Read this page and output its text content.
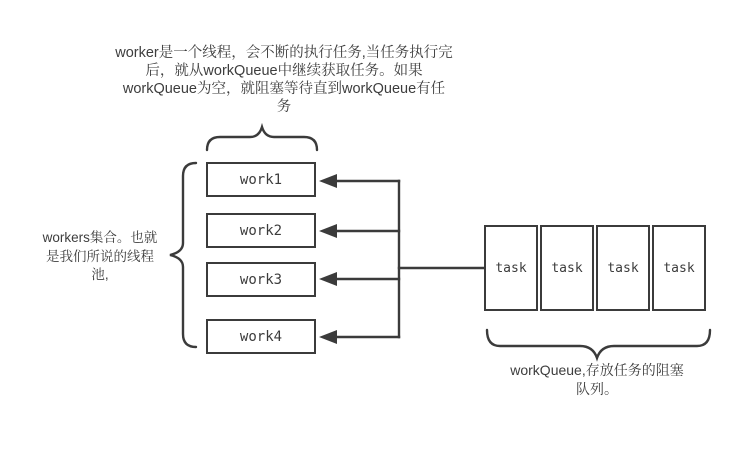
worker是一个线程，会不断的执行任务,当任务执行完
后，就从workQueue中继续获取任务。如果
workQueue为空，就阻塞等待直到workQueue有任
务
workers集合。也就
是我们所说的线程
池,
workQueue,存放任务的阻塞
队列。
work1
work2
work3
work4
task	task	task	task
